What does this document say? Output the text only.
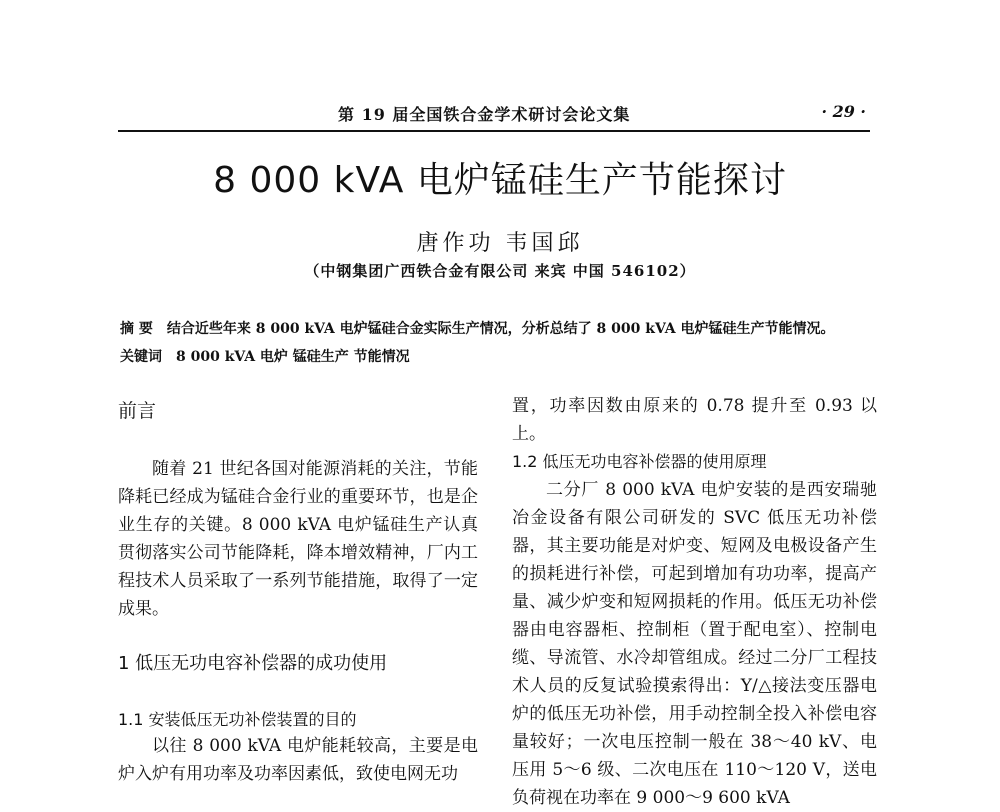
第 19 届全国铁合金学术研讨会论文集	· 29 ·
8 000 kVA 电炉锰硅生产节能探讨
唐作功 韦国邱
（中钢集团广西铁合金有限公司 来宾 中国 546102）
摘 要 结合近些年来 8 000 kVA 电炉锰硅合金实际生产情况，分析总结了 8 000 kVA 电炉锰硅生产节能情况。
关键词 8 000 kVA 电炉 锰硅生产 节能情况
前言
随着 21 世纪各国对能源消耗的关注，节能降耗已经成为锰硅合金行业的重要环节，也是企业生存的关键。8 000 kVA 电炉锰硅生产认真贯彻落实公司节能降耗，降本增效精神，厂内工程技术人员采取了一系列节能措施，取得了一定成果。
1 低压无功电容补偿器的成功使用
1.1 安装低压无功补偿装置的目的
以往 8 000 kVA 电炉能耗较高，主要是电炉入炉有用功率及功率因素低，致使电网无功
置，功率因数由原来的 0.78 提升至 0.93 以上。
1.2 低压无功电容补偿器的使用原理
二分厂 8 000 kVA 电炉安装的是西安瑞驰冶金设备有限公司研发的 SVC 低压无功补偿器，其主要功能是对炉变、短网及电极设备产生的损耗进行补偿，可起到增加有功功率，提高产量、减少炉变和短网损耗的作用。低压无功补偿器由电容器柜、控制柜（置于配电室）、控制电缆、导流管、水冷却管组成。经过二分厂工程技术人员的反复试验摸索得出：Y/△接法变压器电炉的低压无功补偿，用手动控制全投入补偿电容量较好；一次电压控制一般在 38～40 kV、电压用 5～6 级、二次电压在 110～120 V，送电负荷视在功率在 9 000～9 600 kVA
